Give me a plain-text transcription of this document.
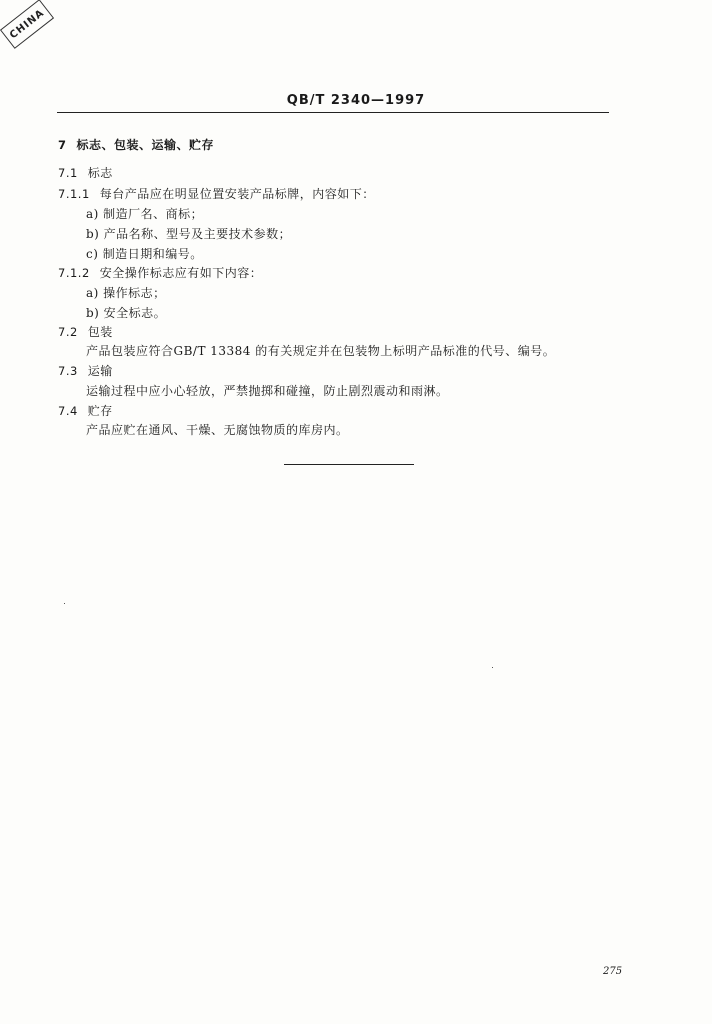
CHINA
QB/T 2340—1997
7 标志、包装、运输、贮存
7.1 标志
7.1.1 每台产品应在明显位置安装产品标牌，内容如下：
a) 制造厂名、商标；
b) 产品名称、型号及主要技术参数；
c) 制造日期和编号。
7.1.2 安全操作标志应有如下内容：
a) 操作标志；
b) 安全标志。
7.2 包装
产品包装应符合GB/T 13384 的有关规定并在包装物上标明产品标准的代号、编号。
7.3 运输
运输过程中应小心轻放，严禁抛掷和碰撞，防止剧烈震动和雨淋。
7.4 贮存
产品应贮在通风、干燥、无腐蚀物质的库房内。
275
